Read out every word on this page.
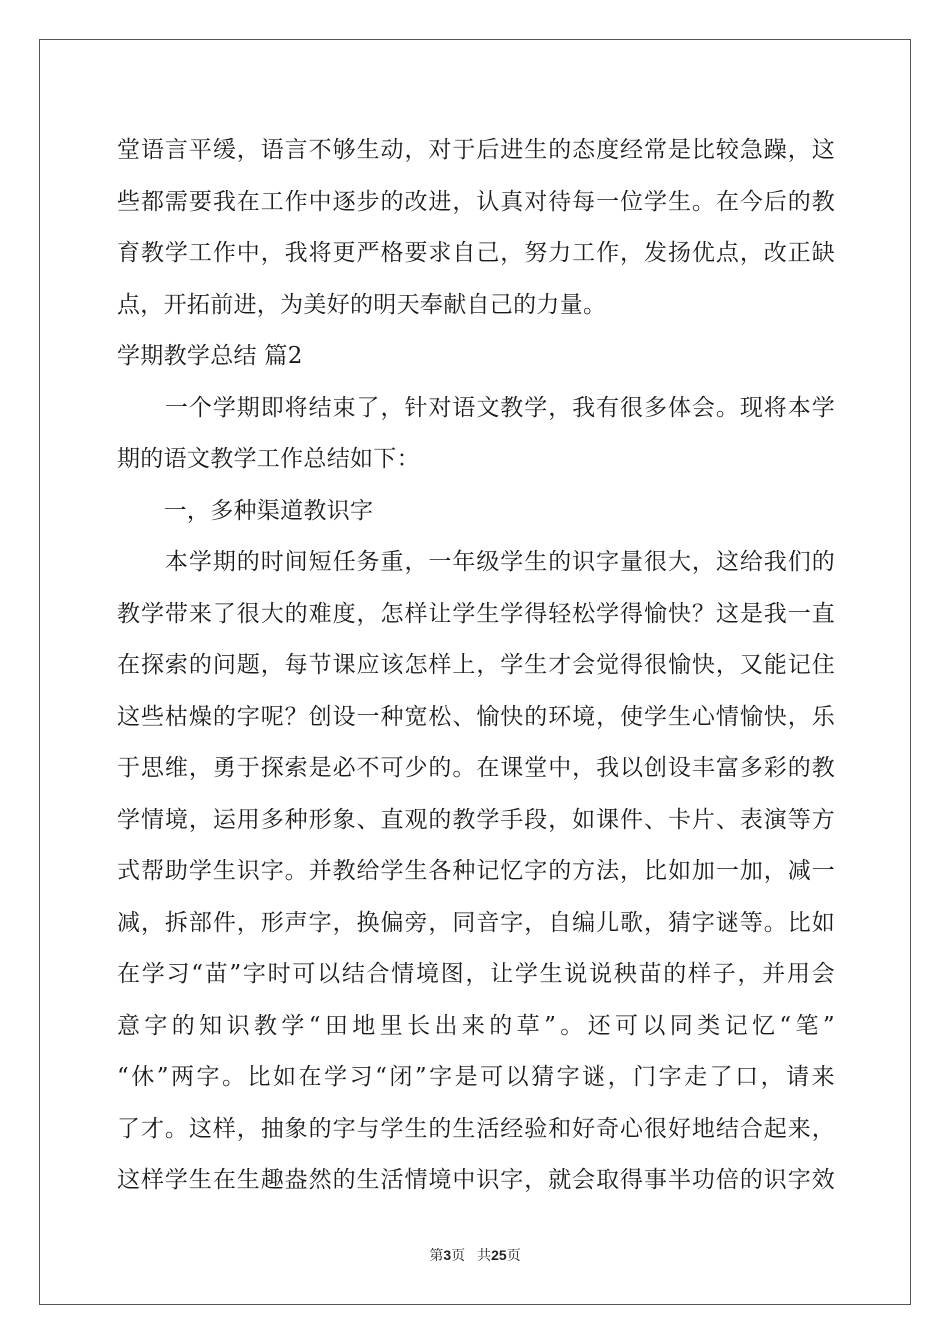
堂语言平缓，语言不够生动，对于后进生的态度经常是比较急躁，这
些都需要我在工作中逐步的改进，认真对待每一位学生。在今后的教
育教学工作中，我将更严格要求自己，努力工作，发扬优点，改正缺
点，开拓前进，为美好的明天奉献自己的力量。
学期教学总结 篇2
　　一个学期即将结束了，针对语文教学，我有很多体会。现将本学
期的语文教学工作总结如下：
　　一，多种渠道教识字
　　本学期的时间短任务重，一年级学生的识字量很大，这给我们的
教学带来了很大的难度，怎样让学生学得轻松学得愉快？这是我一直
在探索的问题，每节课应该怎样上，学生才会觉得很愉快，又能记住
这些枯燥的字呢？创设一种宽松、愉快的环境，使学生心情愉快，乐
于思维，勇于探索是必不可少的。在课堂中，我以创设丰富多彩的教
学情境，运用多种形象、直观的教学手段，如课件、卡片、表演等方
式帮助学生识字。并教给学生各种记忆字的方法，比如加一加，减一
减，拆部件，形声字，换偏旁，同音字，自编儿歌，猜字谜等。比如
在学习“苗”字时可以结合情境图，让学生说说秧苗的样子，并用会
意字的知识教学“田地里长出来的草”。还可以同类记忆“笔”
“休”两字。比如在学习“闭”字是可以猜字谜，门字走了口，请来
了才。这样，抽象的字与学生的生活经验和好奇心很好地结合起来，
这样学生在生趣盎然的生活情境中识字，就会取得事半功倍的识字效
第3页 共25页
